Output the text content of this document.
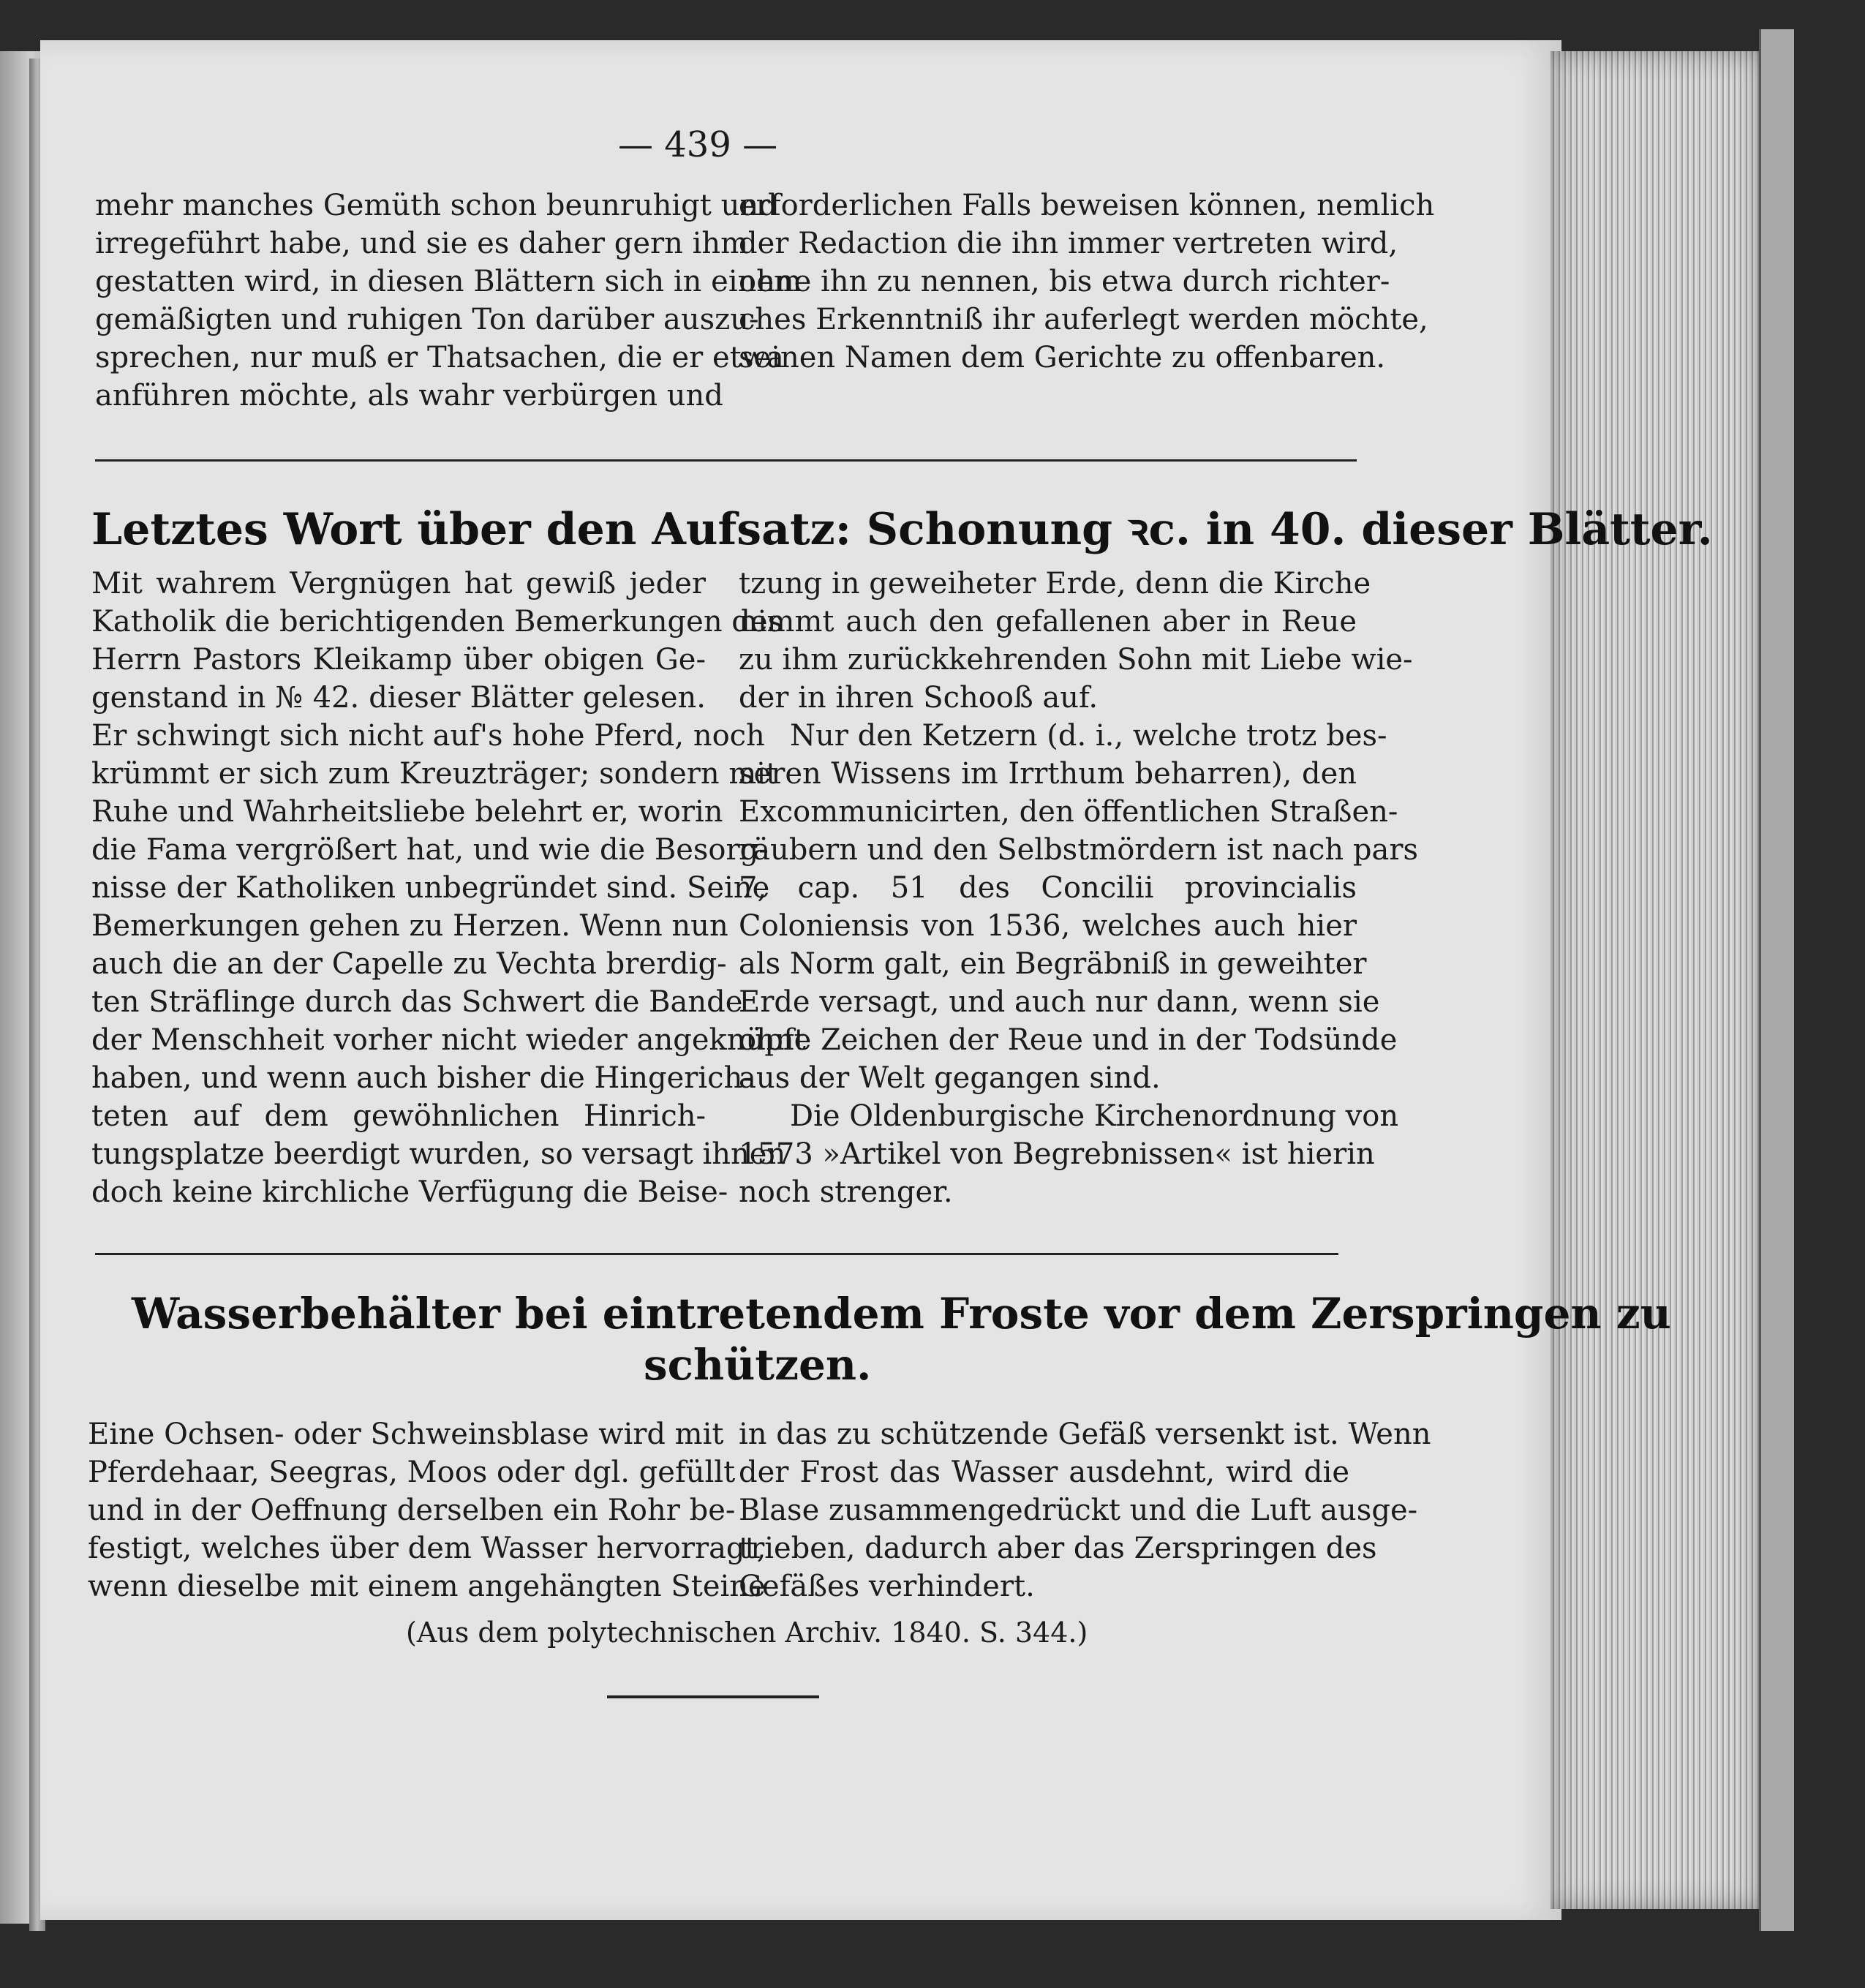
— 439 —
mehr manches Gemüth schon beunruhigt und
irregeführt habe, und sie es daher gern ihm
gestatten wird, in diesen Blättern sich in einem
gemäßigten und ruhigen Ton darüber auszu-
sprechen, nur muß er Thatsachen, die er etwa
anführen möchte, als wahr verbürgen und
erforderlichen Falls beweisen können, nemlich
der Redaction die ihn immer vertreten wird,
ohne ihn zu nennen, bis etwa durch richter-
ches Erkenntniß ihr auferlegt werden möchte,
seinen Namen dem Gerichte zu offenbaren.
Letztes Wort über den Aufsatz: Schonung ꝛc. in 40. dieser Blätter.
Mit wahrem Vergnügen hat gewiß jeder
Katholik die berichtigenden Bemerkungen des
Herrn Pastors Kleikamp über obigen Ge-
genstand in № 42. dieser Blätter gelesen.
Er schwingt sich nicht auf's hohe Pferd, noch
krümmt er sich zum Kreuzträger; sondern mit
Ruhe und Wahrheitsliebe belehrt er, worin
die Fama vergrößert hat, und wie die Besorg-
nisse der Katholiken unbegründet sind. Seine
Bemerkungen gehen zu Herzen. Wenn nun
auch die an der Capelle zu Vechta brerdig-
ten Sträflinge durch das Schwert die Bande
der Menschheit vorher nicht wieder angeknüpft
haben, und wenn auch bisher die Hingerich-
teten auf dem gewöhnlichen Hinrich-
tungsplatze beerdigt wurden, so versagt ihnen
doch keine kirchliche Verfügung die Beise-
tzung in geweiheter Erde, denn die Kirche
nimmt auch den gefallenen aber in Reue
zu ihm zurückkehrenden Sohn mit Liebe wie-
der in ihren Schooß auf.
Nur den Ketzern (d. i., welche trotz bes-
seren Wissens im Irrthum beharren), den
Excommunicirten, den öffentlichen Straßen-
räubern und den Selbstmördern ist nach pars
7, cap. 51 des Concilii provincialis
Coloniensis von 1536, welches auch hier
als Norm galt, ein Begräbniß in geweihter
Erde versagt, und auch nur dann, wenn sie
ohne Zeichen der Reue und in der Todsünde
aus der Welt gegangen sind.
Die Oldenburgische Kirchenordnung von
1573 »Artikel von Begrebnissen« ist hierin
noch strenger.
Wasserbehälter bei eintretendem Froste vor dem Zerspringen zu
schützen.
Eine Ochsen- oder Schweinsblase wird mit
Pferdehaar, Seegras, Moos oder dgl. gefüllt
und in der Oeffnung derselben ein Rohr be-
festigt, welches über dem Wasser hervorragt,
wenn dieselbe mit einem angehängten Steine
in das zu schützende Gefäß versenkt ist. Wenn
der Frost das Wasser ausdehnt, wird die
Blase zusammengedrückt und die Luft ausge-
trieben, dadurch aber das Zerspringen des
Gefäßes verhindert.
(Aus dem polytechnischen Archiv. 1840. S. 344.)
